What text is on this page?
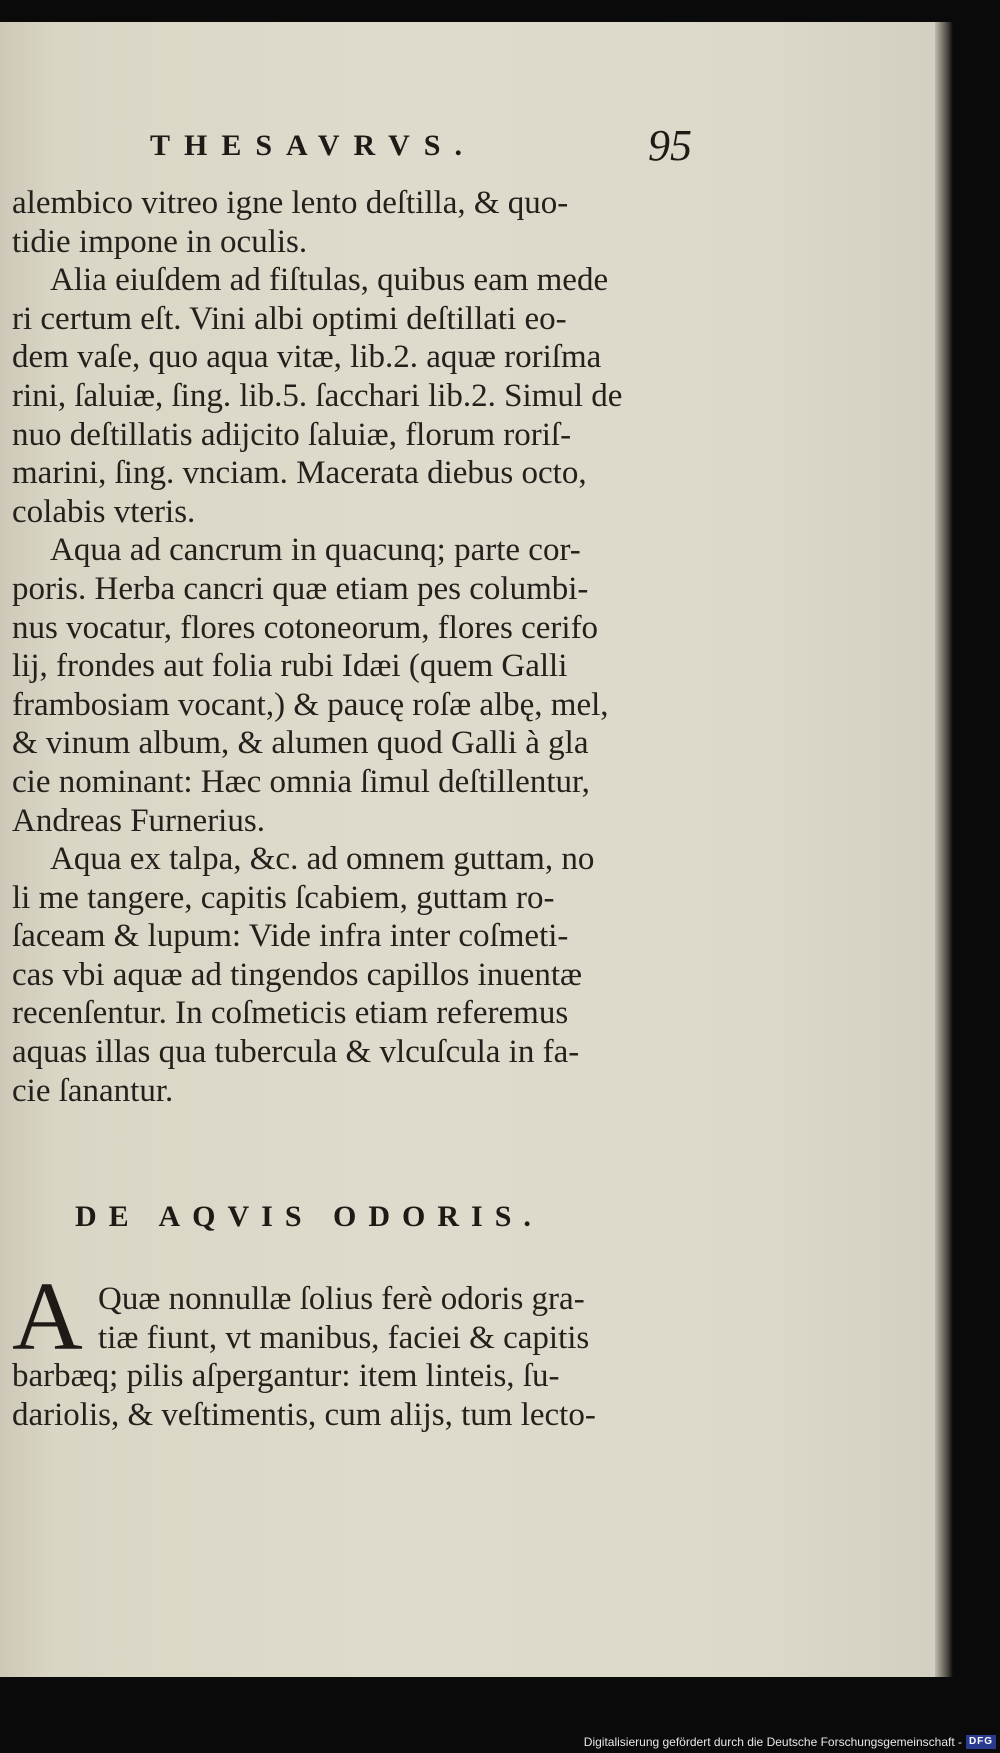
THESAVRVS.	95
alembico vitreo igne lento deſtilla, & quo-
tidie impone in oculis.
Alia eiuſdem ad fiſtulas, quibus eam mede
ri certum eſt. Vini albi optimi deſtillati eo-
dem vaſe, quo aqua vitæ, lib.2. aquæ roriſma
rini, ſaluiæ, ſing. lib.5. ſacchari lib.2. Simul de
nuo deſtillatis adijcito ſaluiæ, florum roriſ-
marini, ſing. vnciam. Macerata diebus octo,
colabis vteris.
Aqua ad cancrum in quacunq; parte cor-
poris. Herba cancri quæ etiam pes columbi-
nus vocatur, flores cotoneorum, flores cerifo
lij, frondes aut folia rubi Idæi (quem Galli
frambosiam vocant,) & paucę roſæ albę, mel,
& vinum album, & alumen quod Galli à gla
cie nominant: Hæc omnia ſimul deſtillentur,
Andreas Furnerius.
Aqua ex talpa, &c. ad omnem guttam, no
li me tangere, capitis ſcabiem, guttam ro-
ſaceam & lupum: Vide infra inter coſmeti-
cas vbi aquæ ad tingendos capillos inuentæ
recenſentur. In coſmeticis etiam referemus
aquas illas qua tubercula & vlcuſcula in fa-
cie ſanantur.
DE AQVIS ODORIS.
A Quæ nonnullæ ſolius ferè odoris gra-
tiæ fiunt, vt manibus, faciei & capitis
barbæq; pilis aſpergantur: item linteis, ſu-
dariolis, & veſtimentis, cum alijs, tum lecto-
Digitalisierung gefördert durch die Deutsche Forschungsgemeinschaft - DFG
